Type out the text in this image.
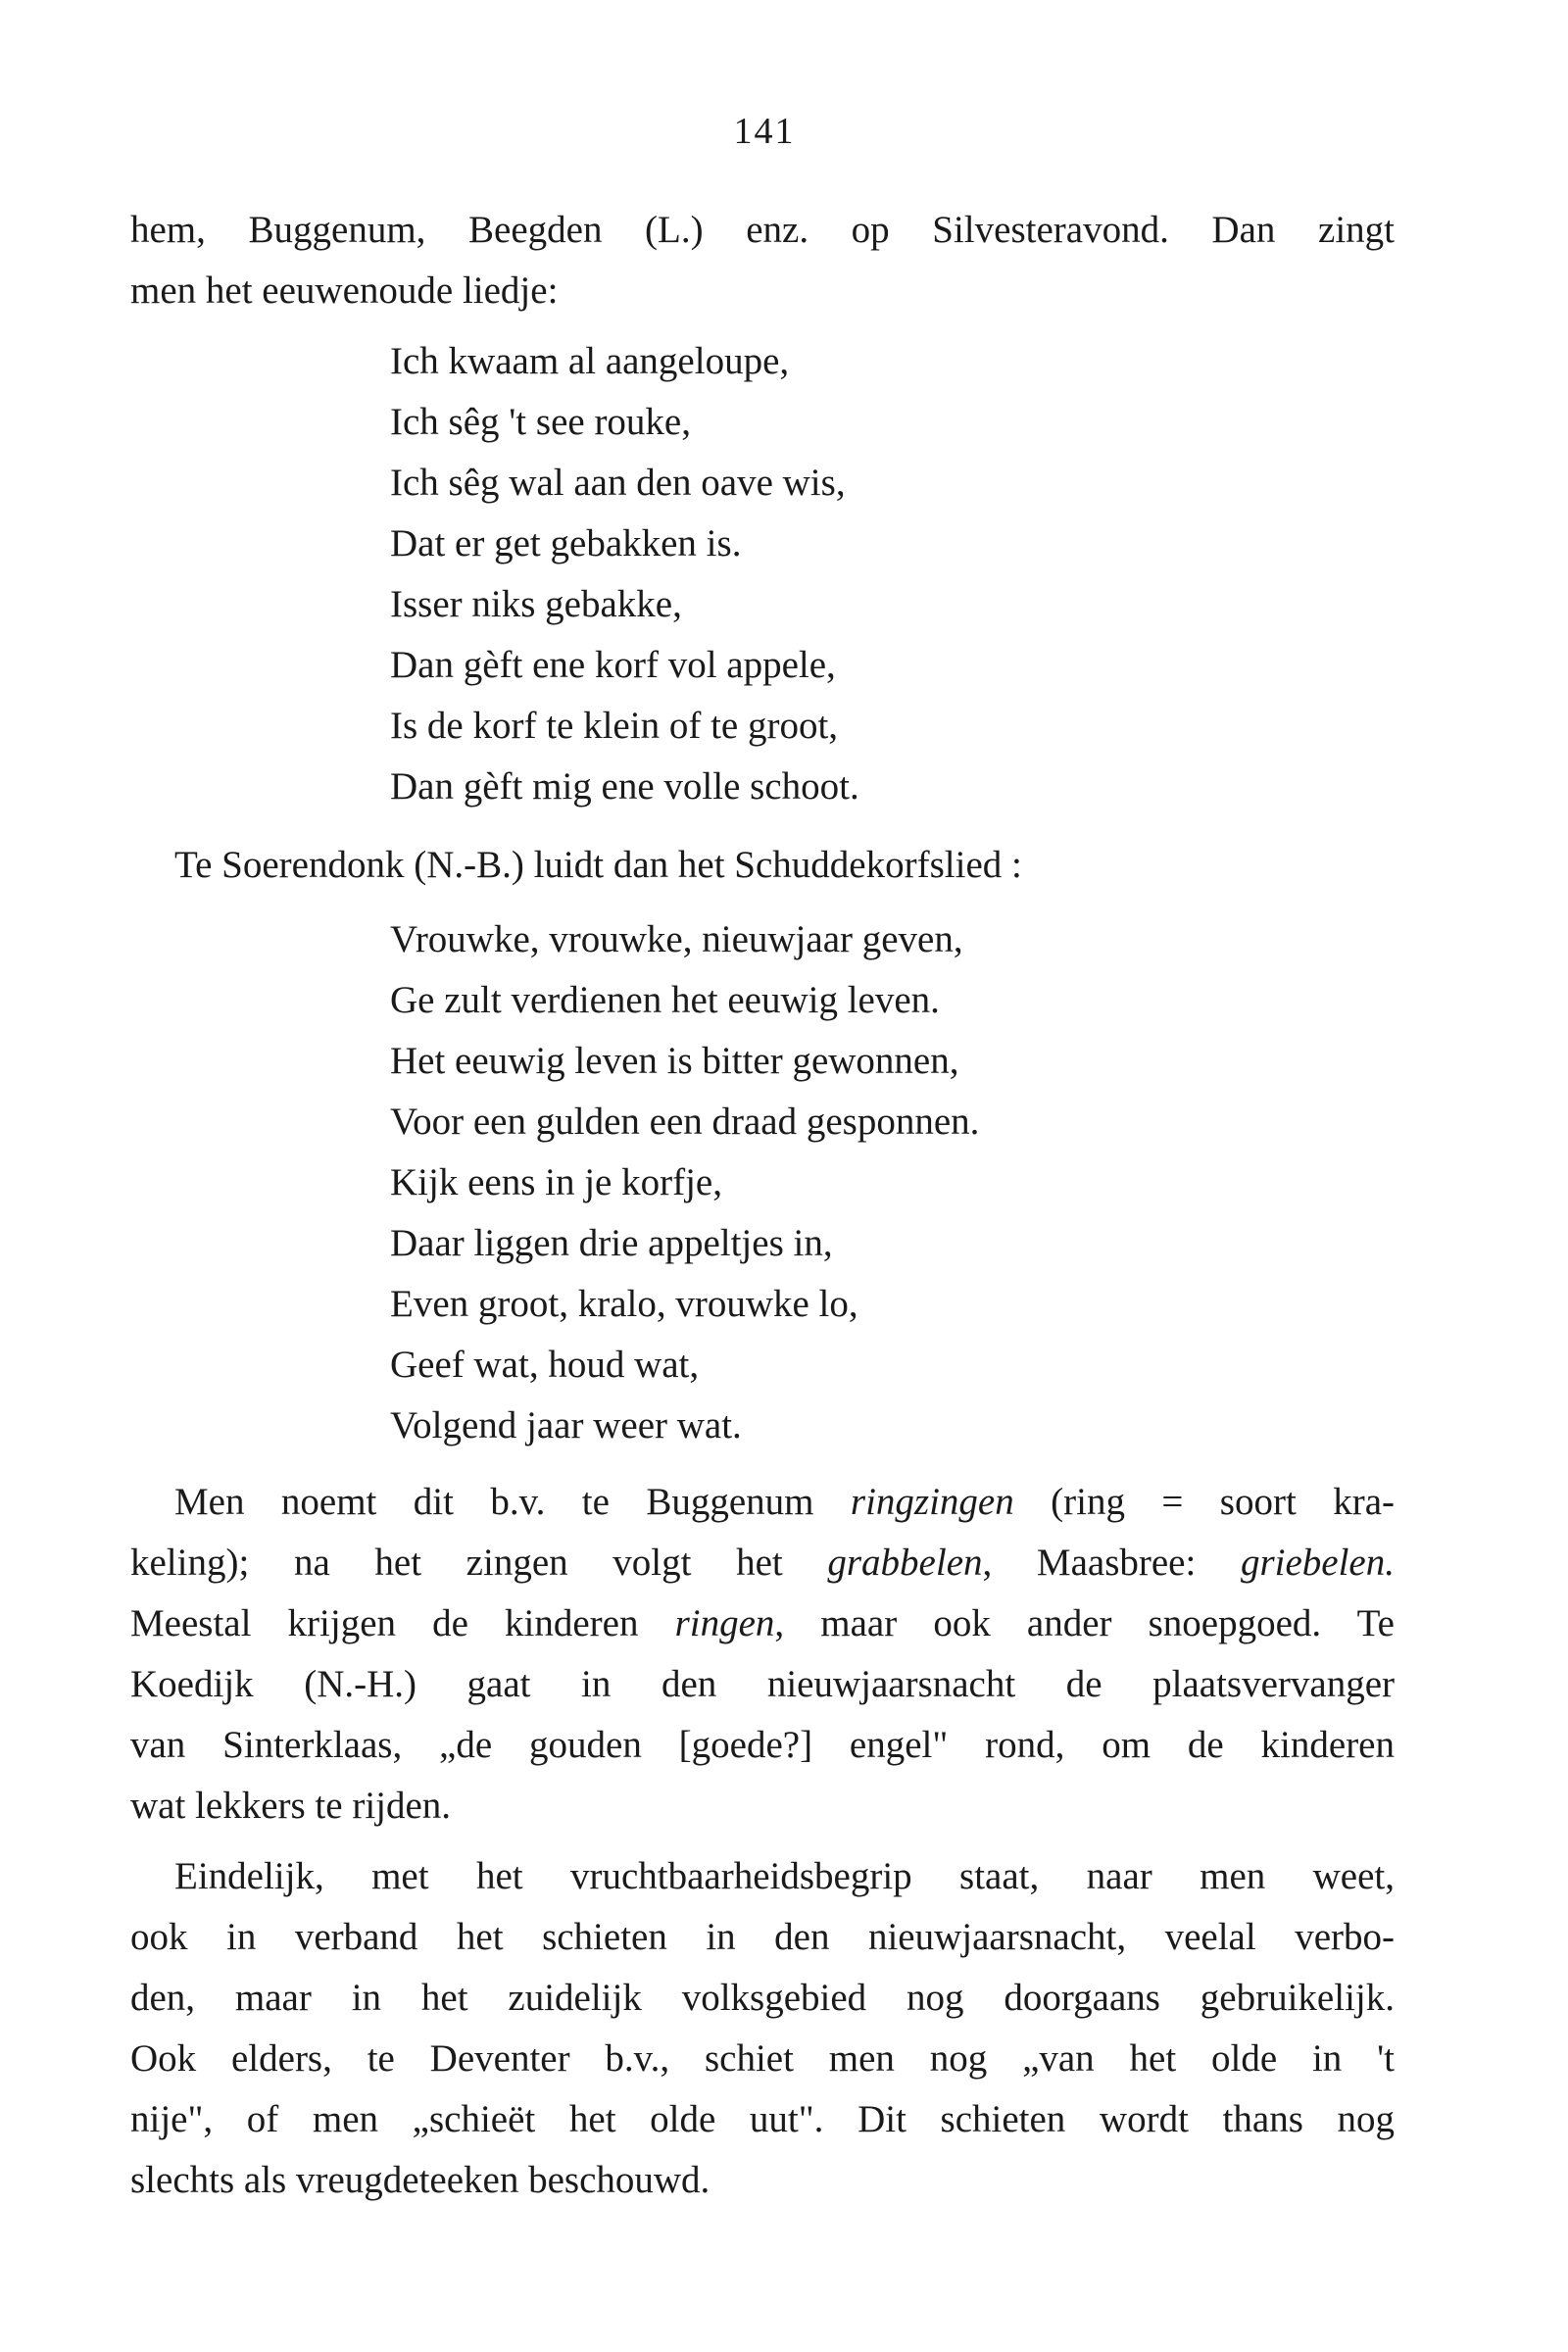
141
hem, Buggenum, Beegden (L.) enz. op Silvesteravond. Dan zingt
men het eeuwenoude liedje:
Ich kwaam al aangeloupe,
Ich sêg 't see rouke,
Ich sêg wal aan den oave wis,
Dat er get gebakken is.
Isser niks gebakke,
Dan gèft ene korf vol appele,
Is de korf te klein of te groot,
Dan gèft mig ene volle schoot.
Te Soerendonk (N.-B.) luidt dan het Schuddekorfslied :
Vrouwke, vrouwke, nieuwjaar geven,
Ge zult verdienen het eeuwig leven.
Het eeuwig leven is bitter gewonnen,
Voor een gulden een draad gesponnen.
Kijk eens in je korfje,
Daar liggen drie appeltjes in,
Even groot, kralo, vrouwke lo,
Geef wat, houd wat,
Volgend jaar weer wat.
Men noemt dit b.v. te Buggenum ringzingen (ring = soort kra-
keling); na het zingen volgt het grabbelen, Maasbree: griebelen.
Meestal krijgen de kinderen ringen, maar ook ander snoepgoed. Te
Koedijk (N.-H.) gaat in den nieuwjaarsnacht de plaatsvervanger
van Sinterklaas, „de gouden [goede?] engel" rond, om de kinderen
wat lekkers te rijden.
Eindelijk, met het vruchtbaarheidsbegrip staat, naar men weet,
ook in verband het schieten in den nieuwjaarsnacht, veelal verbo-
den, maar in het zuidelijk volksgebied nog doorgaans gebruikelijk.
Ook elders, te Deventer b.v., schiet men nog „van het olde in 't
nije", of men „schieët het olde uut". Dit schieten wordt thans nog
slechts als vreugdeteeken beschouwd.
